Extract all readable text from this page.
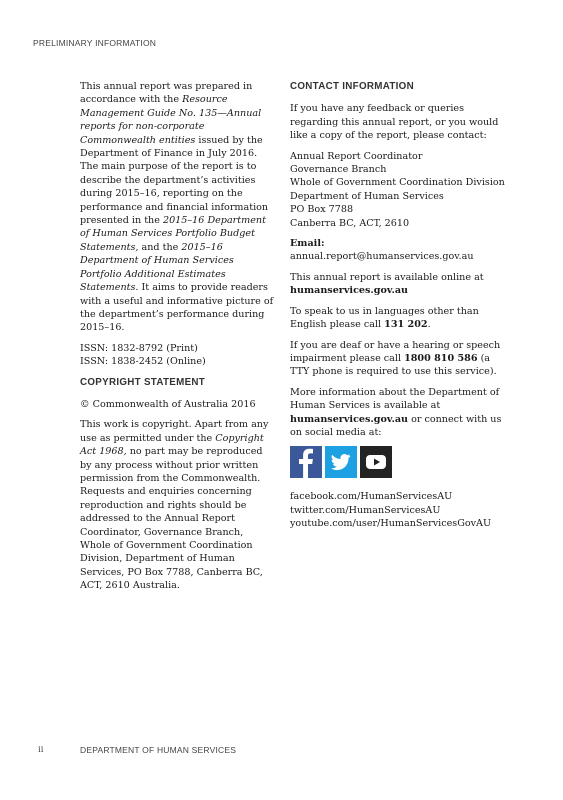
PRELIMINARY INFORMATION

This annual report was prepared in accordance with the Resource Management Guide No. 135—Annual reports for non-corporate Commonwealth entities issued by the Department of Finance in July 2016. The main purpose of the report is to describe the department’s activities during 2015–16, reporting on the performance and financial information presented in the 2015–16 Department of Human Services Portfolio Budget Statements, and the 2015–16 Department of Human Services Portfolio Additional Estimates Statements. It aims to provide readers with a useful and informative picture of the department’s performance during 2015–16.

ISSN: 1832-8792 (Print)
ISSN: 1838-2452 (Online)

COPYRIGHT STATEMENT

© Commonwealth of Australia 2016

This work is copyright. Apart from any use as permitted under the Copyright Act 1968, no part may be reproduced by any process without prior written permission from the Commonwealth. Requests and enquiries concerning reproduction and rights should be addressed to the Annual Report Coordinator, Governance Branch, Whole of Government Coordination Division, Department of Human Services, PO Box 7788, Canberra BC, ACT, 2610 Australia.

CONTACT INFORMATION

If you have any feedback or queries regarding this annual report, or you would like a copy of the report, please contact:

Annual Report Coordinator
Governance Branch
Whole of Government Coordination Division
Department of Human Services
PO Box 7788
Canberra BC, ACT, 2610

Email:

annual.report@humanservices.gov.au

This annual report is available online at
humanservices.gov.au

To speak to us in languages other than English please call 131 202.

If you are deaf or have a hearing or speech impairment please call 1800 810 586 (a TTY phone is required to use this service).

More information about the Department of Human Services is available at humanservices.gov.au or connect with us on social media at:

facebook.com/HumanServicesAU

twitter.com/HumanServicesAU

youtube.com/user/HumanServicesGovAU

ii	DEPARTMENT OF HUMAN SERVICES
